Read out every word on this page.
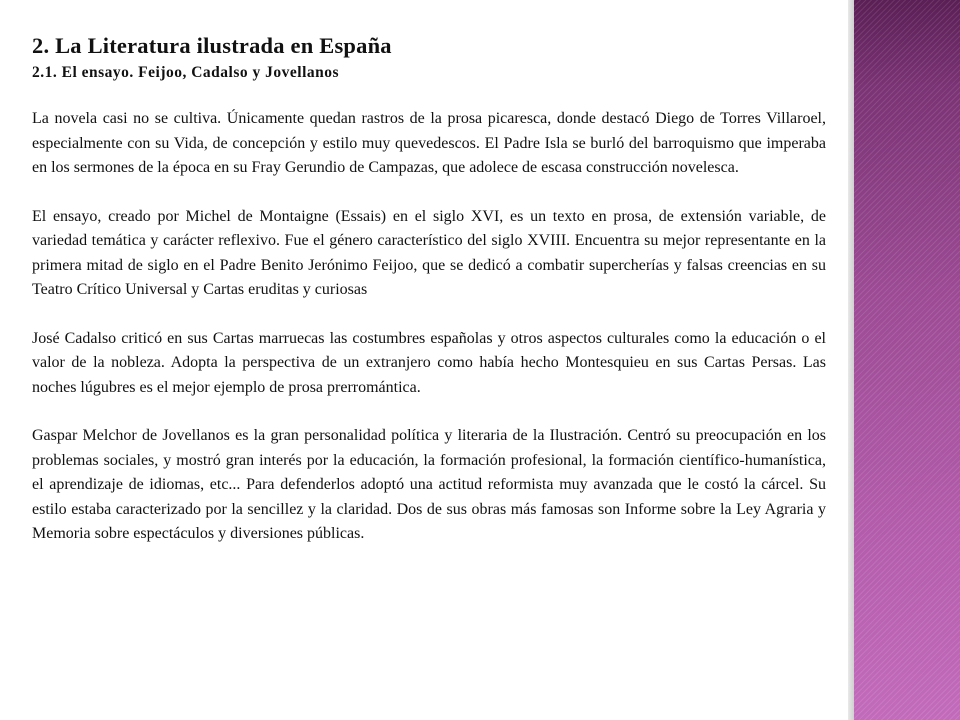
2. La Literatura ilustrada en España
2.1. El ensayo. Feijoo, Cadalso y Jovellanos

La novela casi no se cultiva. Únicamente quedan rastros de la prosa picaresca, donde destacó Diego de Torres Villaroel, especialmente con su Vida, de concepción y estilo muy quevedescos. El Padre Isla se burló del barroquismo que imperaba en los sermones de la época en su Fray Gerundio de Campazas, que adolece de escasa construcción novelesca.

El ensayo, creado por Michel de Montaigne (Essais) en el siglo XVI, es un texto en prosa, de extensión variable, de variedad temática y carácter reflexivo. Fue el género característico del siglo XVIII. Encuentra su mejor representante en la primera mitad de siglo en el Padre Benito Jerónimo Feijoo, que se dedicó a combatir supercherías y falsas creencias en su Teatro Crítico Universal y Cartas eruditas y curiosas

José Cadalso criticó en sus Cartas marruecas las costumbres españolas y otros aspectos culturales como la educación o el valor de la nobleza. Adopta la perspectiva de un extranjero como había hecho Montesquieu en sus Cartas Persas. Las noches lúgubres es el mejor ejemplo de prosa prerromántica.

Gaspar Melchor de Jovellanos es la gran personalidad política y literaria de la Ilustración. Centró su preocupación en los problemas sociales, y mostró gran interés por la educación, la formación profesional, la formación científico-humanística, el aprendizaje de idiomas, etc... Para defenderlos adoptó una actitud reformista muy avanzada que le costó la cárcel. Su estilo estaba caracterizado por la sencillez y la claridad. Dos de sus obras más famosas son Informe sobre la Ley Agraria y Memoria sobre espectáculos y diversiones públicas.
